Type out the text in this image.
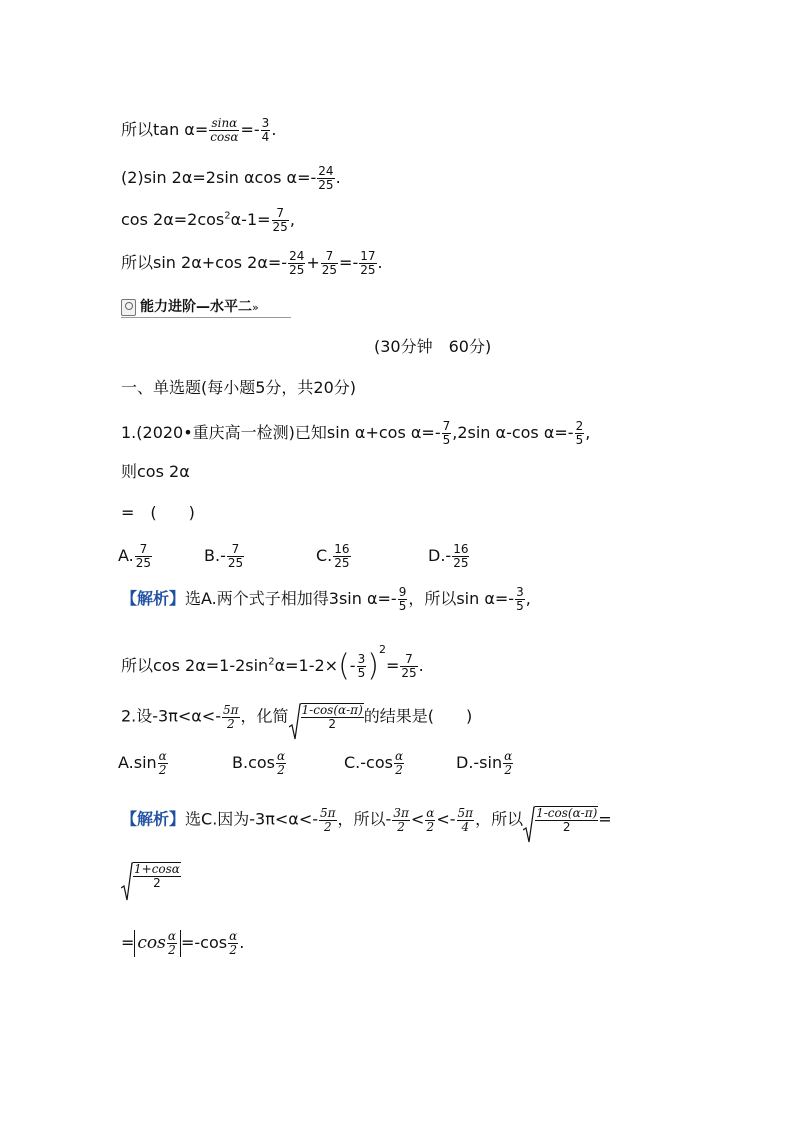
所以$\tan \alpha= \frac{\sin\alpha}{\cos\alpha} =- \frac{3}{4}$ .
(2)sin 2α=2sin αcos $\alpha=- \frac{24}{25}$ .
$\cos 2\alpha=2\cos^2\alpha-1= \frac{7}{25}$ ,
所以sin 2α+cos $2\alpha=- \frac{24}{25} + \frac{7}{25} =- \frac{17}{25}$ .
能力进阶—水平二»
(30分钟　60分)
一、单选题(每小题5分，共20分)
1.(2020•重庆高一检测)已知sin α+cos $\alpha=- \frac{7}{5} ,2\sin$ α-cos $\alpha=- \frac{2}{5}$ ,
则cos 2α
=　(　　)
A. $\frac{7}{25}$	$B.- \frac{7}{25}$	C. $\frac{16}{25}$	$D.- \frac{16}{25}$
【解析】选A.两个式子相加得3sin $\alpha=- \frac{9}{5}$ ，所以$\sin \alpha=- \frac{3}{5}$ ,
所以$\cos 2\alpha=1-2\sin^2\alpha=1-2\times(- \frac{3}{5} )^2= \frac{7}{25}$ .
2.设$-3\pi<\alpha<- \frac{5\pi}{2}$ ，化简 $\frac{1-\cos(\alpha-\pi)}{2}$ 的结果是(　　)
$A.\sin \frac{\alpha}{2}$	$B.\cos \frac{\alpha}{2}$	$C.-\cos \frac{\alpha}{2}$	$D.-\sin \frac{\alpha}{2}$
【解析】选C.因为$-3\pi<\alpha<- \frac{5\pi}{2}$ ，所以- $\frac{3\pi}{2} < \frac{\alpha}{2} <- \frac{5\pi}{4}$ ，所以 $\frac{1-\cos(\alpha-\pi)}{2}$ =
$\frac{1+\cos\alpha}{2}$
= $\cos \frac{\alpha}{2} =-\cos \frac{\alpha}{2}$ .
